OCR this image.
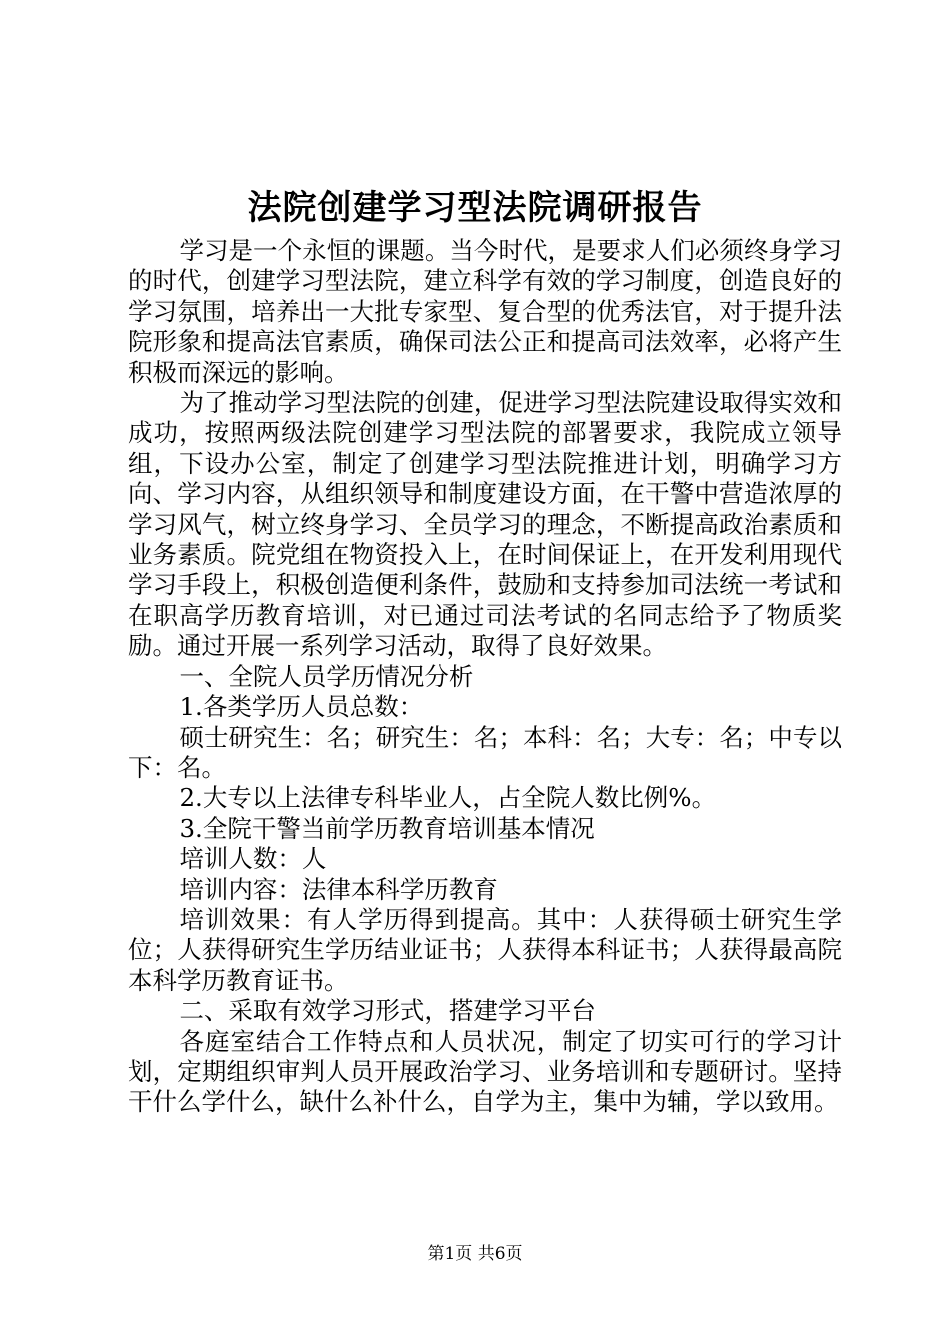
法院创建学习型法院调研报告

学习是一个永恒的课题。当今时代，是要求人们必须终身学习的时代，创建学习型法院，建立科学有效的学习制度，创造良好的学习氛围，培养出一大批专家型、复合型的优秀法官，对于提升法院形象和提高法官素质，确保司法公正和提高司法效率，必将产生积极而深远的影响。

为了推动学习型法院的创建，促进学习型法院建设取得实效和成功，按照两级法院创建学习型法院的部署要求，我院成立领导组，下设办公室，制定了创建学习型法院推进计划，明确学习方向、学习内容，从组织领导和制度建设方面，在干警中营造浓厚的学习风气，树立终身学习、全员学习的理念，不断提高政治素质和业务素质。院党组在物资投入上，在时间保证上，在开发利用现代学习手段上，积极创造便利条件，鼓励和支持参加司法统一考试和在职高学历教育培训，对已通过司法考试的名同志给予了物质奖励。通过开展一系列学习活动，取得了良好效果。

一、全院人员学历情况分析

1.各类学历人员总数：

硕士研究生：名；研究生：名；本科：名；大专：名；中专以下：名。

2.大专以上法律专科毕业人，占全院人数比例%。

3.全院干警当前学历教育培训基本情况

培训人数：人

培训内容：法律本科学历教育

培训效果：有人学历得到提高。其中：人获得硕士研究生学位；人获得研究生学历结业证书；人获得本科证书；人获得最高院本科学历教育证书。

二、采取有效学习形式，搭建学习平台

各庭室结合工作特点和人员状况，制定了切实可行的学习计划，定期组织审判人员开展政治学习、业务培训和专题研讨。坚持干什么学什么，缺什么补什么，自学为主，集中为辅，学以致用。

第1页 共6页
